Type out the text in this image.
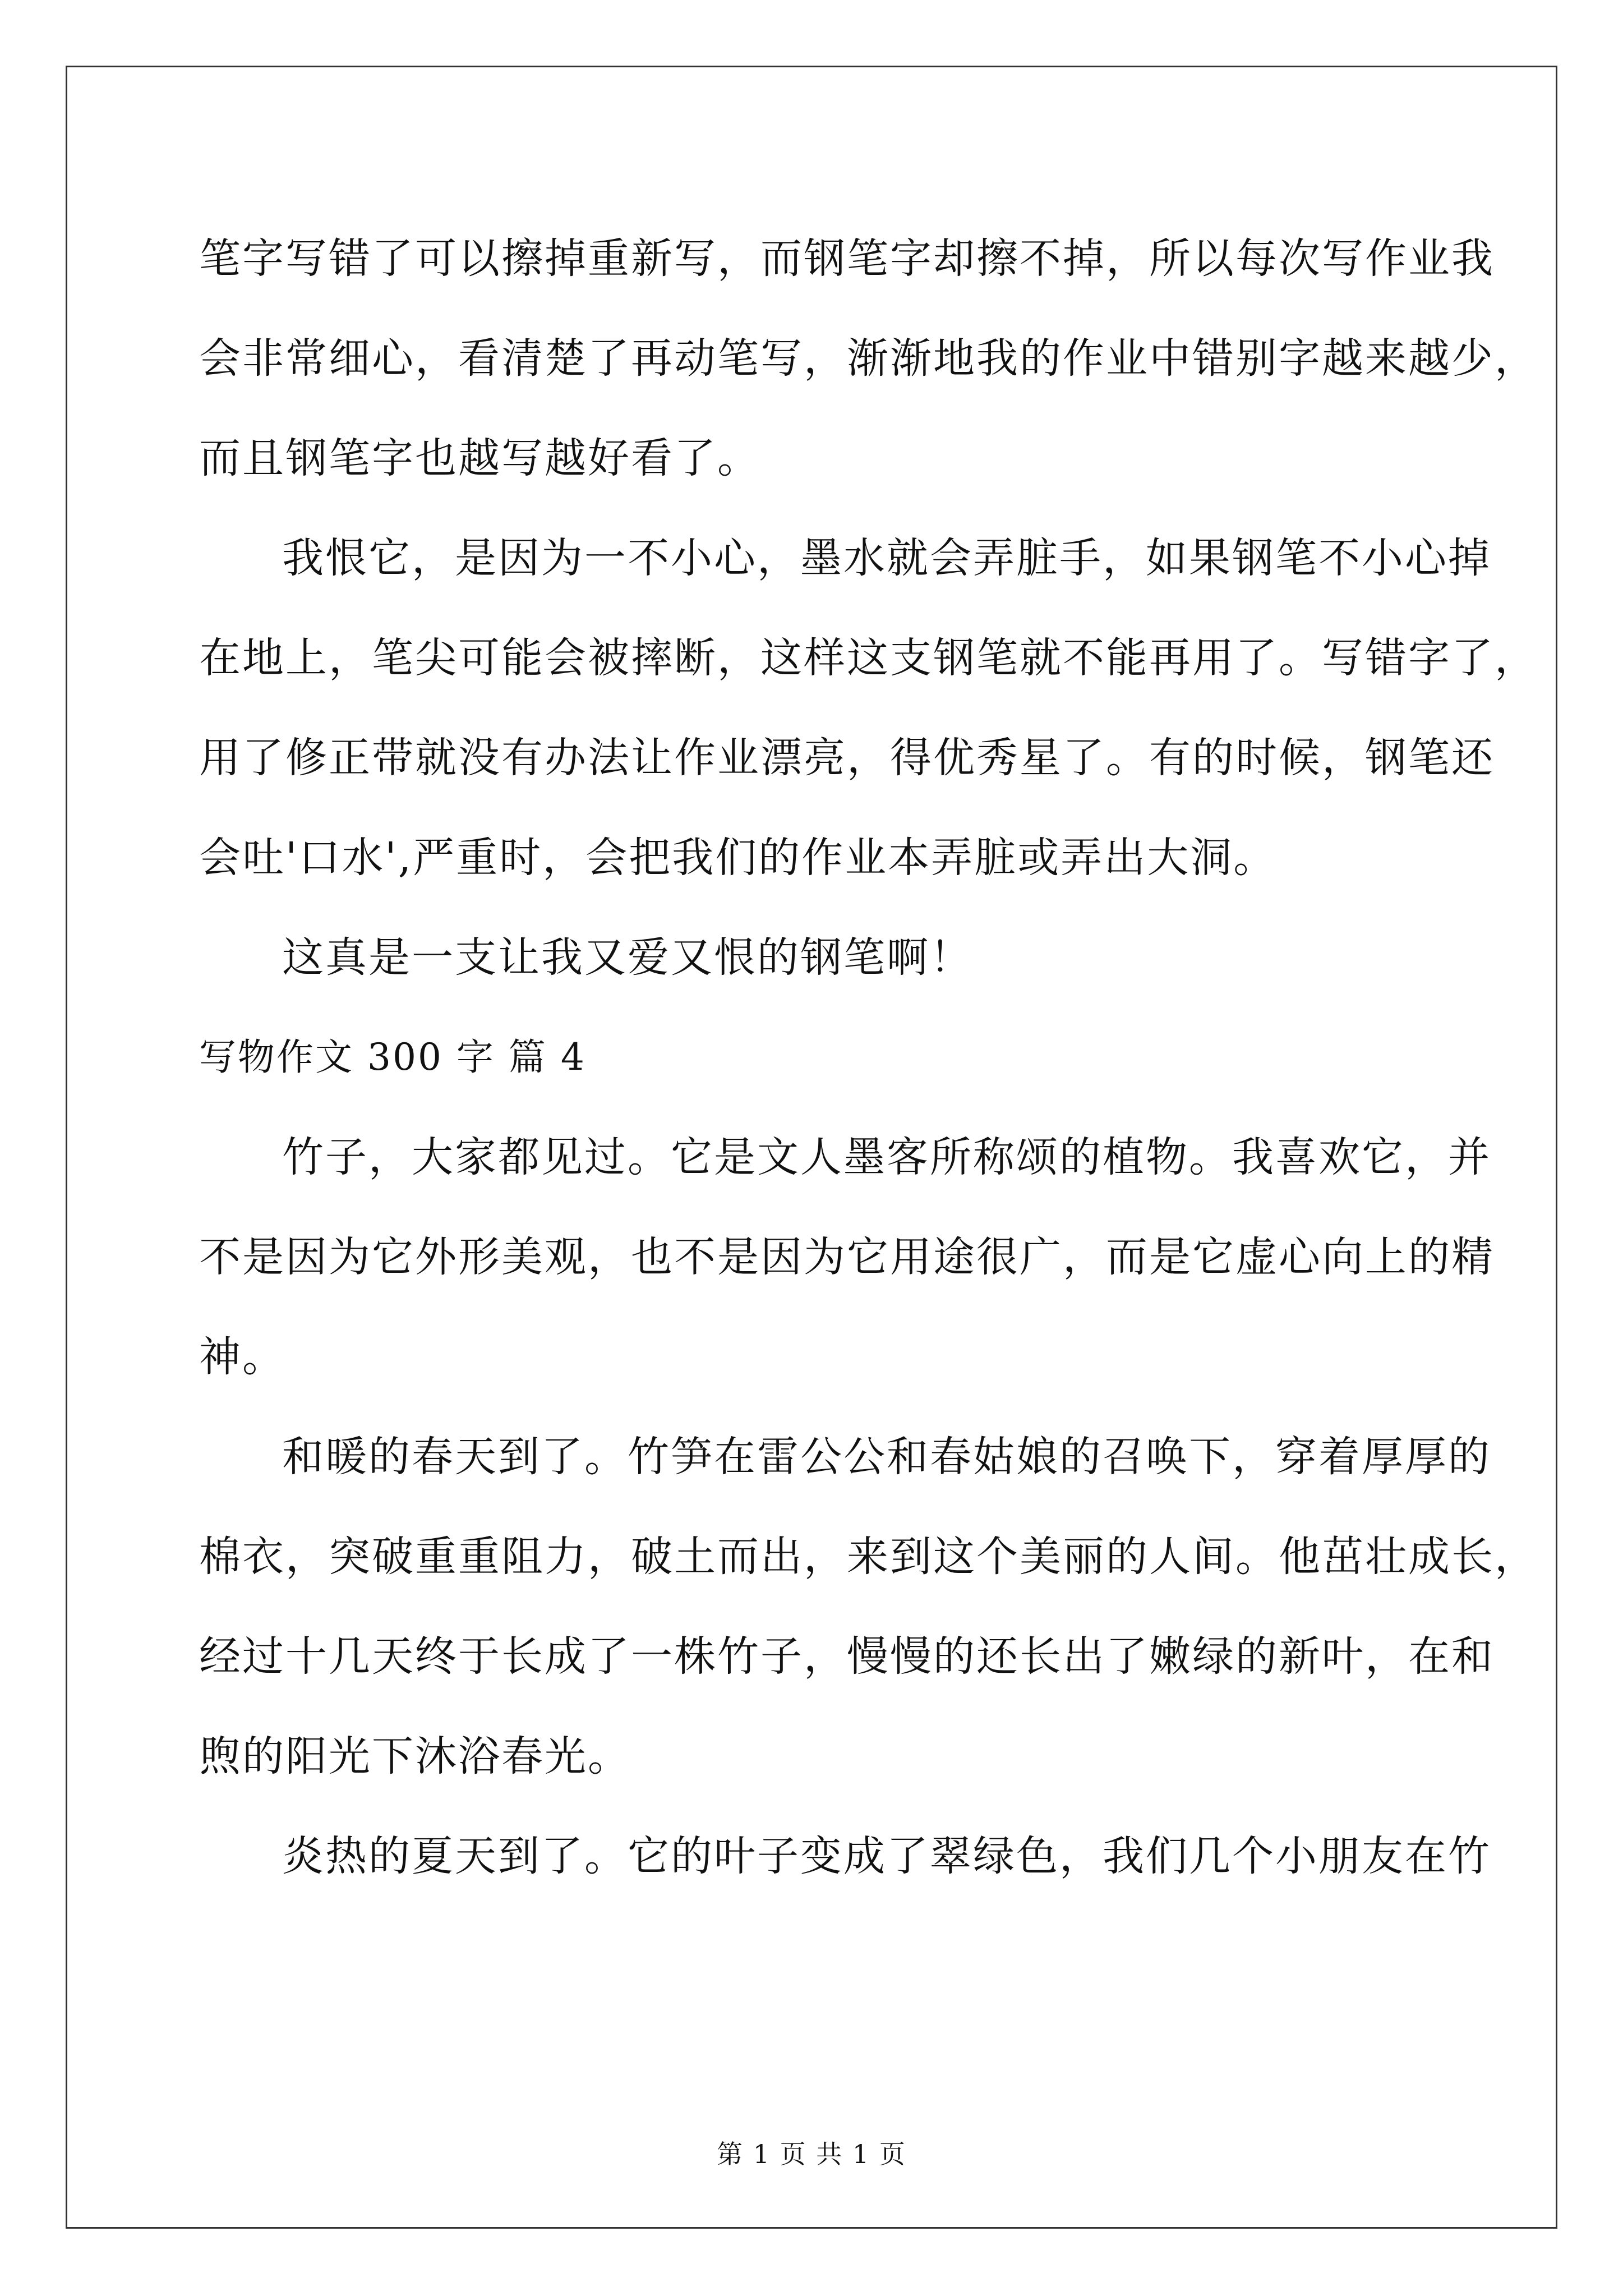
笔字写错了可以擦掉重新写，而钢笔字却擦不掉，所以每次写作业我
会非常细心，看清楚了再动笔写，渐渐地我的作业中错别字越来越少，
而且钢笔字也越写越好看了。
我恨它，是因为一不小心，墨水就会弄脏手，如果钢笔不小心掉
在地上，笔尖可能会被摔断，这样这支钢笔就不能再用了。写错字了，
用了修正带就没有办法让作业漂亮，得优秀星了。有的时候，钢笔还
会吐'口水',严重时，会把我们的作业本弄脏或弄出大洞。
这真是一支让我又爱又恨的钢笔啊！
写物作文 300 字 篇 4
竹子，大家都见过。它是文人墨客所称颂的植物。我喜欢它，并
不是因为它外形美观，也不是因为它用途很广，而是它虚心向上的精
神。
和暖的春天到了。竹笋在雷公公和春姑娘的召唤下，穿着厚厚的
棉衣，突破重重阻力，破土而出，来到这个美丽的人间。他茁壮成长，
经过十几天终于长成了一株竹子，慢慢的还长出了嫩绿的新叶，在和
煦的阳光下沐浴春光。
炎热的夏天到了。它的叶子变成了翠绿色，我们几个小朋友在竹
第 1 页 共 1 页
